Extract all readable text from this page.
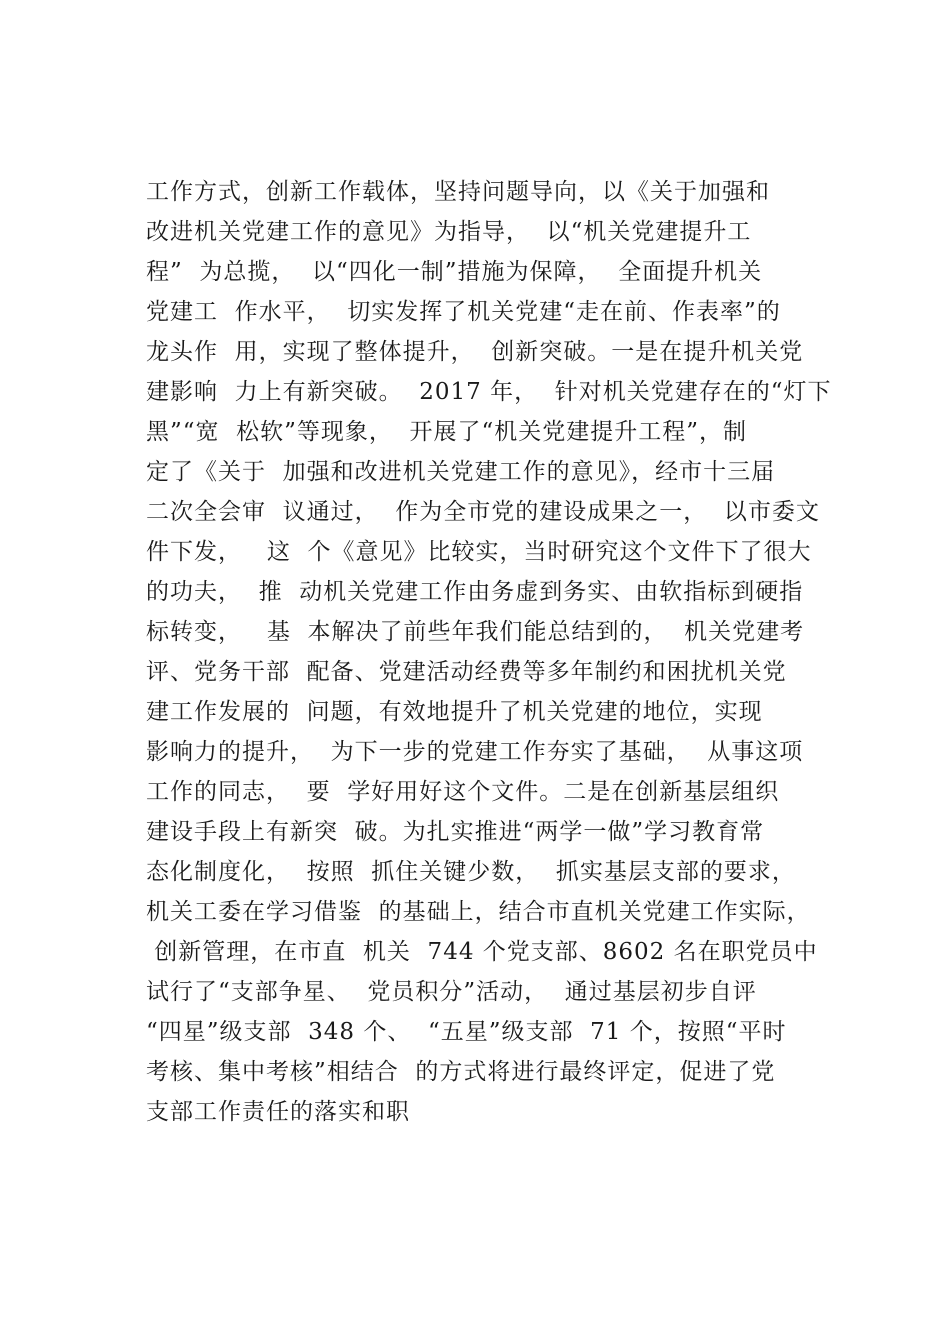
工作方式，创新工作载体，坚持问题导向，以《关于加强和
改进机关党建工作的意见》为指导，  以“机关党建提升工
程”  为总揽，  以“四化一制”措施为保障，  全面提升机关
党建工  作水平，  切实发挥了机关党建“走在前、作表率”的
龙头作  用，实现了整体提升，  创新突破。一是在提升机关党
建影响  力上有新突破。  2017 年，  针对机关党建存在的“灯下
黑”“宽  松软”等现象，  开展了“机关党建提升工程”，制
定了《关于  加强和改进机关党建工作的意见》，经市十三届
二次全会审  议通过，  作为全市党的建设成果之一，  以市委文
件下发，   这  个《意见》比较实，当时研究这个文件下了很大
的功夫，  推  动机关党建工作由务虚到务实、由软指标到硬指
标转变，   基  本解决了前些年我们能总结到的，  机关党建考
评、党务干部  配备、党建活动经费等多年制约和困扰机关党
建工作发展的  问题，有效地提升了机关党建的地位，实现
影响力的提升，  为下一步的党建工作夯实了基础，  从事这项
工作的同志，  要  学好用好这个文件。二是在创新基层组织
建设手段上有新突  破。为扎实推进“两学一做”学习教育常
态化制度化，  按照  抓住关键少数，  抓实基层支部的要求，
机关工委在学习借鉴  的基础上，结合市直机关党建工作实际，
创新管理，在市直  机关  744 个党支部、8602 名在职党员中
试行了“支部争星、  党员积分”活动，  通过基层初步自评
“四星”级支部  348 个、  “五星”级支部  71 个，按照“平时
考核、集中考核”相结合  的方式将进行最终评定，促进了党
支部工作责任的落实和职
